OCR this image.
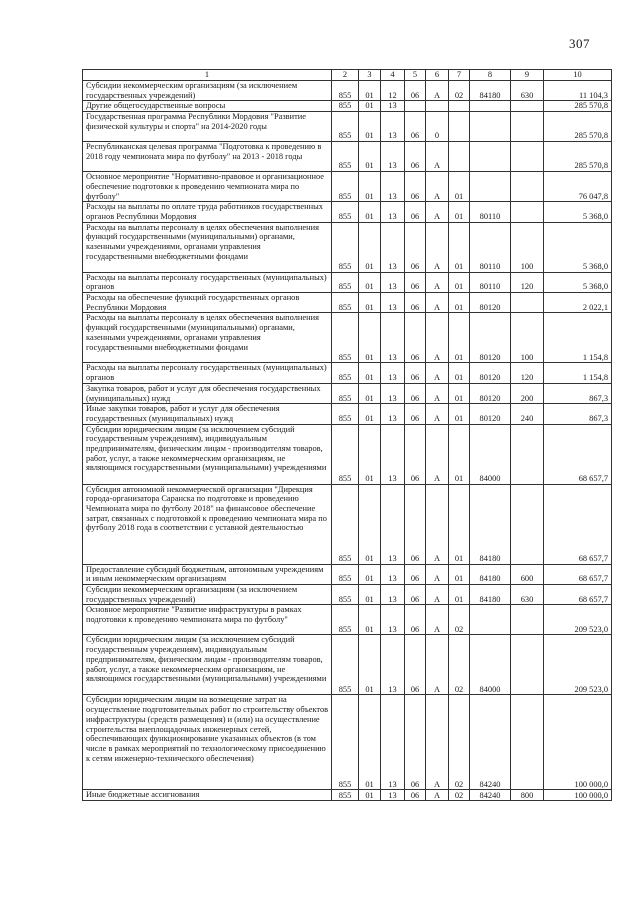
307
1	2	3	4	5	6	7	8	9	10
Субсидии некоммерческим организациям (за исключением государственных учреждений)	855	01	12	06	А	02	84180	630	11 104,3
Другие общегосударственные вопросы	855	01	13						285 570,8
Государственная программа Республики Мордовия "Развитие физической культуры и спорта" на 2014-2020 годы	855	01	13	06	0				285 570,8
Республиканская целевая программа "Подготовка к проведению в 2018 году чемпионата мира по футболу" на 2013 - 2018 годы	855	01	13	06	А				285 570,8
Основное мероприятие "Нормативно-правовое и организационное обеспечение подготовки к проведению чемпионата мира по футболу"	855	01	13	06	А	01			76 047,8
Расходы на выплаты по оплате труда работников государственных органов Республики Мордовия	855	01	13	06	А	01	80110		5 368,0
Расходы на выплаты персоналу в целях обеспечения выполнения функций государственными (муниципальными) органами, казенными учреждениями, органами управления государственными внебюджетными фондами	855	01	13	06	А	01	80110	100	5 368,0
Расходы на выплаты персоналу государственных (муниципальных) органов	855	01	13	06	А	01	80110	120	5 368,0
Расходы на обеспечение функций государственных органов Республики Мордовия	855	01	13	06	А	01	80120		2 022,1
Расходы на выплаты персоналу в целях обеспечения выполнения функций государственными (муниципальными) органами, казенными учреждениями, органами управления государственными внебюджетными фондами	855	01	13	06	А	01	80120	100	1 154,8
Расходы на выплаты персоналу государственных (муниципальных) органов	855	01	13	06	А	01	80120	120	1 154,8
Закупка товаров, работ и услуг для обеспечения государственных (муниципальных) нужд	855	01	13	06	А	01	80120	200	867,3
Иные закупки товаров, работ и услуг для обеспечения государственных (муниципальных) нужд	855	01	13	06	А	01	80120	240	867,3
Субсидии юридическим лицам (за исключением субсидий государственным учреждениям), индивидуальным предпринимателям, физическим лицам - производителям товаров, работ, услуг, а также некоммерческим организациям, не являющимся государственными (муниципальными) учреждениями	855	01	13	06	А	01	84000		68 657,7
Субсидия автономной некоммерческой организации "Дирекция города-организатора Саранска по подготовке и проведению Чемпионата мира по футболу 2018" на финансовое обеспечение затрат, связанных с подготовкой к проведению чемпионата мира по футболу 2018 года в соответствии с уставной деятельностью	855	01	13	06	А	01	84180		68 657,7
Предоставление субсидий бюджетным, автономным учреждениям и иным некоммерческим организациям	855	01	13	06	А	01	84180	600	68 657,7
Субсидии некоммерческим организациям (за исключением государственных учреждений)	855	01	13	06	А	01	84180	630	68 657,7
Основное мероприятие "Развитие инфраструктуры в рамках подготовки к проведению чемпионата мира по футболу"	855	01	13	06	А	02			209 523,0
Субсидии юридическим лицам (за исключением субсидий государственным учреждениям), индивидуальным предпринимателям, физическим лицам - производителям товаров, работ, услуг, а также некоммерческим организациям, не являющимся государственными (муниципальными) учреждениями	855	01	13	06	А	02	84000		209 523,0
Субсидии юридическим лицам на возмещение затрат на осуществление подготовительных работ по строительству объектов инфраструктуры (средств размещения) и (или) на осуществление строительства внеплощадочных инженерных сетей, обеспечивающих функционирование указанных объектов (в том числе в рамках мероприятий по технологическому присоединению к сетям инженерно-технического обеспечения)	855	01	13	06	А	02	84240		100 000,0
Иные бюджетные ассигнования	855	01	13	06	А	02	84240	800	100 000,0
